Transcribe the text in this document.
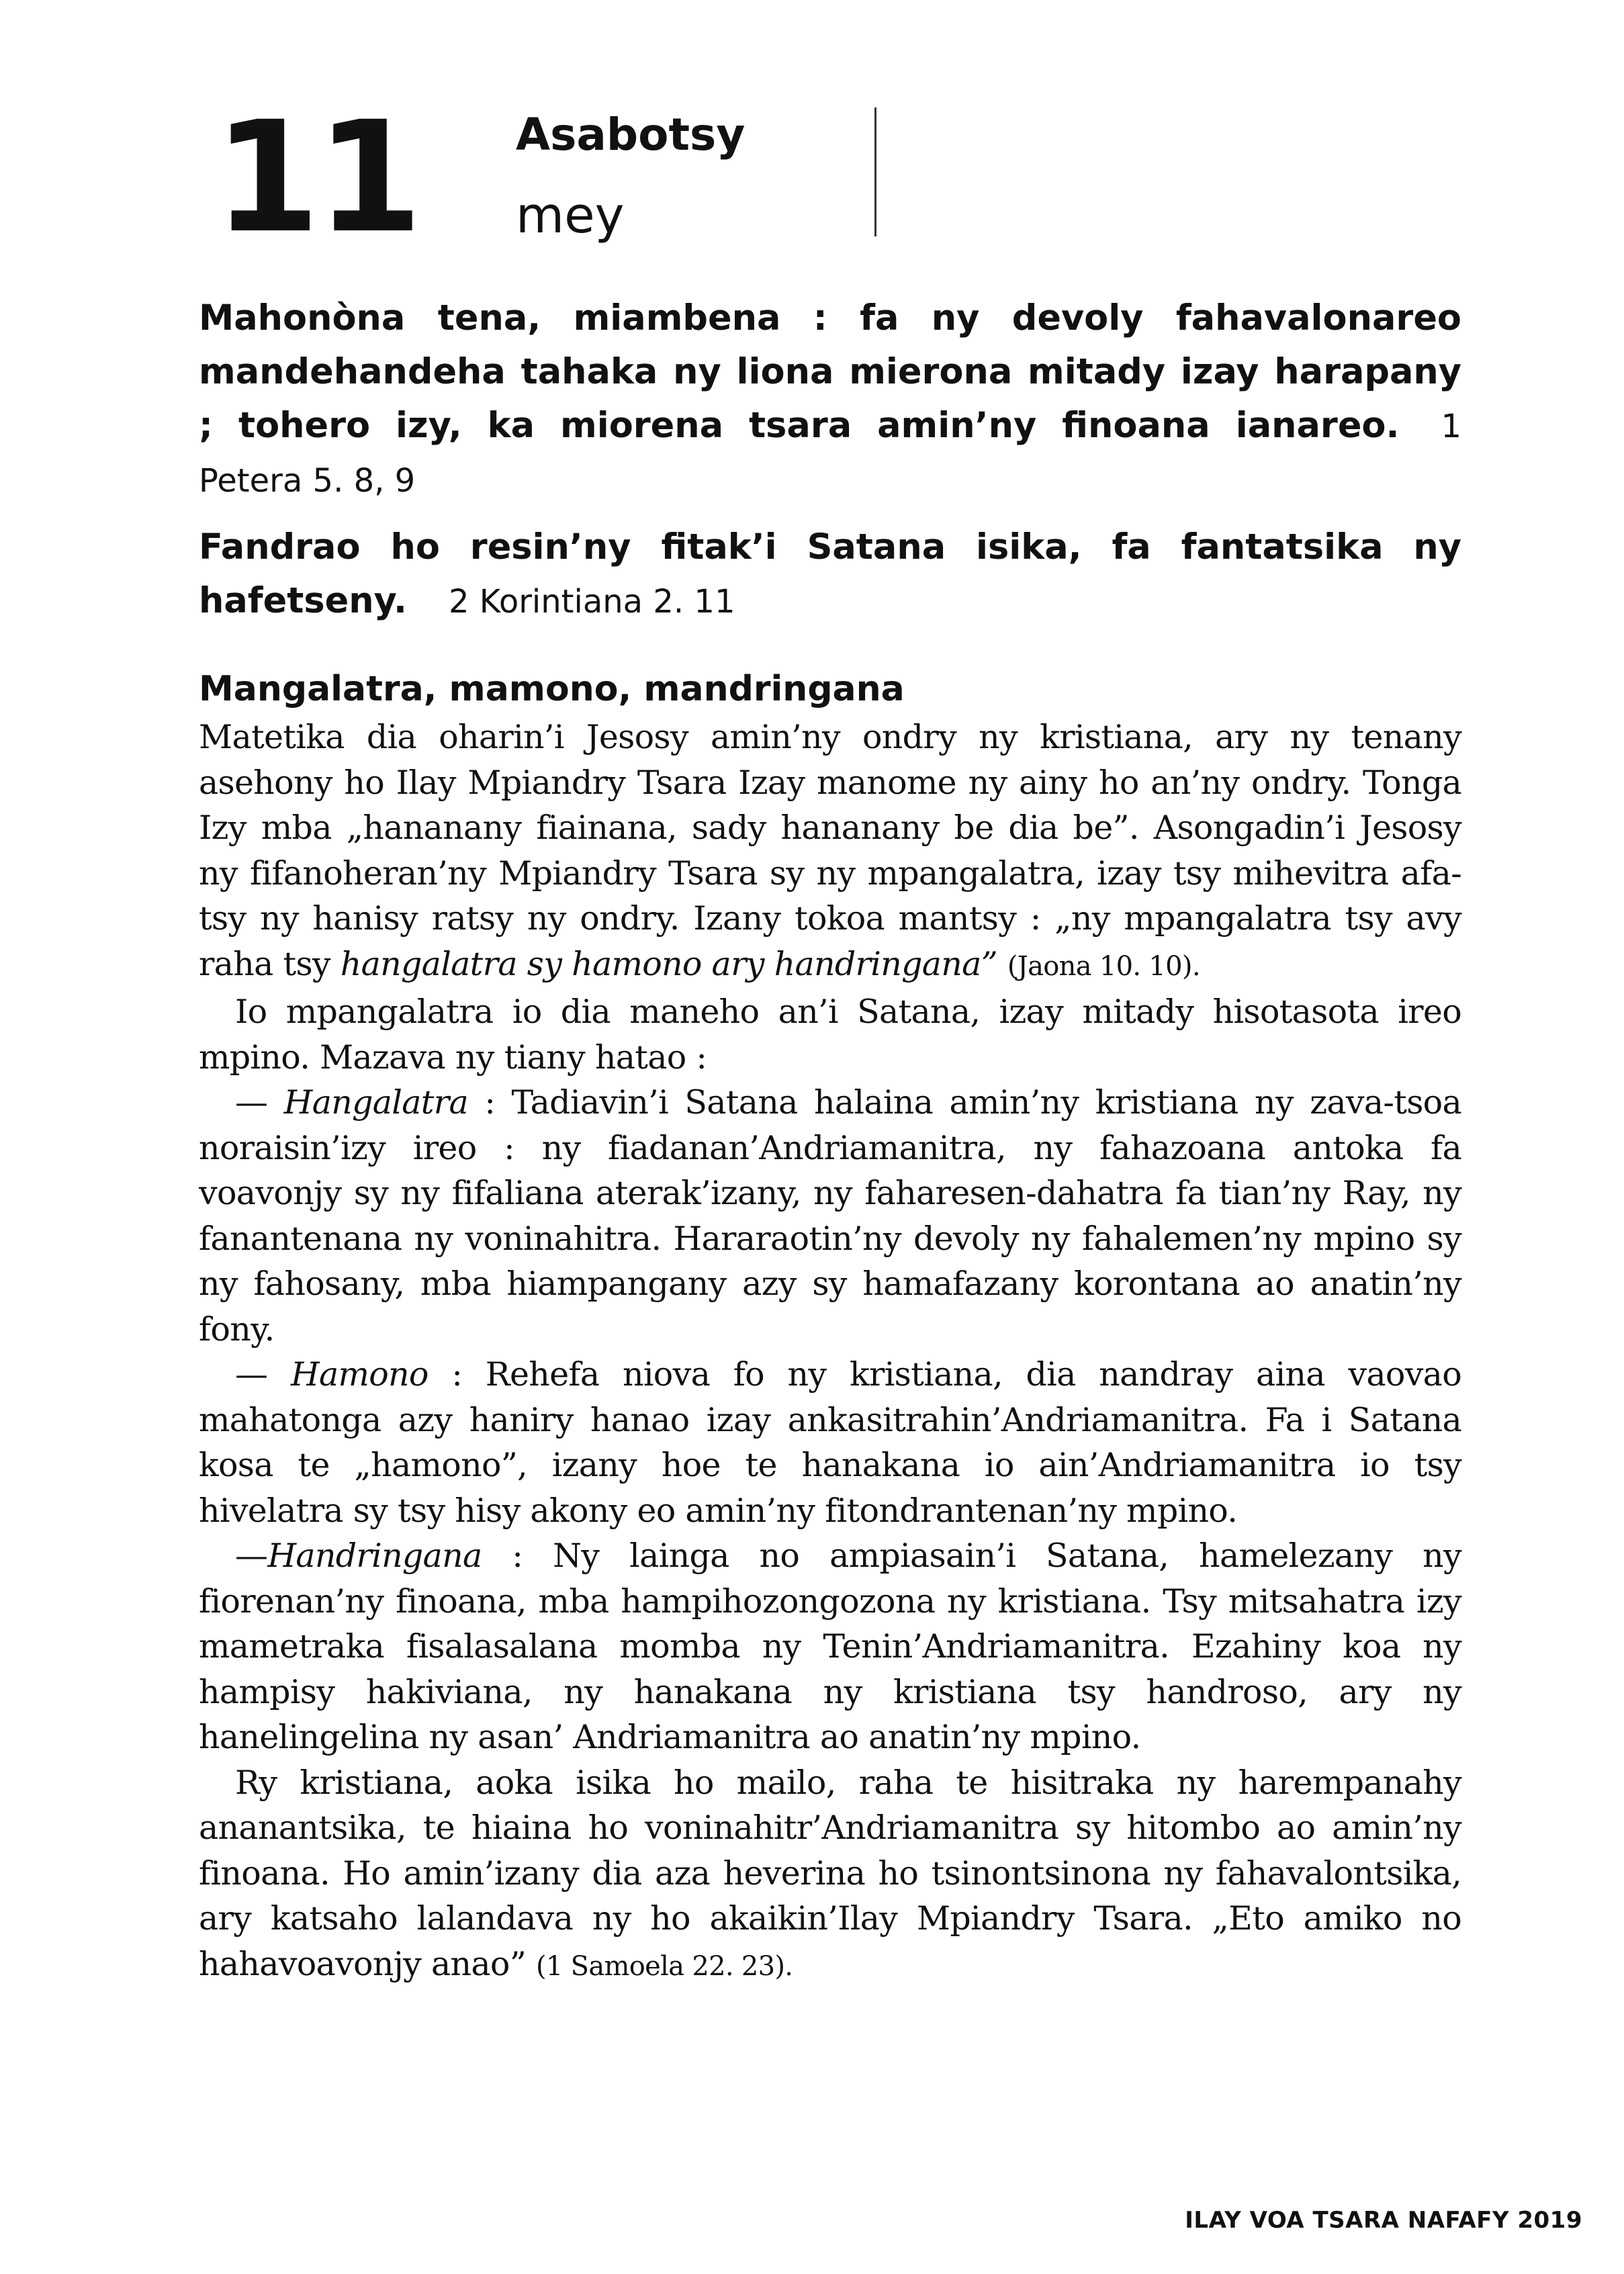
11 Asabotsy
mey
Mahonòna tena, miambena : fa ny devoly fahavalonareo mandehandeha tahaka ny liona mierona mitady izay harapany ; tohero izy, ka miorena tsara amin’ny finoana ianareo. 1 Petera 5. 8, 9
Fandrao ho resin’ny fitak’i Satana isika, fa fantatsika ny hafetseny. 2 Korintiana 2. 11
Mangalatra, mamono, mandringana

Matetika dia oharin’i Jesosy amin’ny ondry ny kristiana, ary ny tenany asehony ho Ilay Mpiandry Tsara Izay manome ny ainy ho an’ny ondry. Tonga Izy mba „hananany fiainana, sady hananany be dia be”. Asongadin’i Jesosy ny fifanoheran’ny Mpiandry Tsara sy ny mpangalatra, izay tsy mihevitra afa-tsy ny hanisy ratsy ny ondry. Izany tokoa mantsy : „ny mpangalatra tsy avy raha tsy hangalatra sy hamono ary handringana” (Jaona 10. 10).

Io mpangalatra io dia maneho an’i Satana, izay mitady hisotasota ireo mpino. Mazava ny tiany hatao :

— Hangalatra : Tadiavin’i Satana halaina amin’ny kristiana ny zava-tsoa noraisin’izy ireo : ny fiadanan’Andriamanitra, ny fahazoana antoka fa voavonjy sy ny fifaliana aterak’izany, ny faharesen-dahatra fa tian’ny Ray, ny fanantenana ny voninahitra. Hararaotin’ny devoly ny fahalemen’ny mpino sy ny fahosany, mba hiampangany azy sy hamafazany korontana ao anatin’ny fony.

— Hamono : Rehefa niova fo ny kristiana, dia nandray aina vaovao mahatonga azy haniry hanao izay ankasitrahin’Andriamanitra. Fa i Satana kosa te „hamono”, izany hoe te hanakana io ain’Andriamanitra io tsy hivelatra sy tsy hisy akony eo amin’ny fitondrantenan’ny mpino.

—Handringana : Ny lainga no ampiasain’i Satana, hamelezany ny fiorenan’ny finoana, mba hampihozongozona ny kristiana. Tsy mitsahatra izy mametraka fisalasalana momba ny Tenin’Andriamanitra. Ezahiny koa ny hampisy hakiviana, ny hanakana ny kristiana tsy handroso, ary ny hanelingelina ny asan’ Andriamanitra ao anatin’ny mpino.

Ry kristiana, aoka isika ho mailo, raha te hisitraka ny harempanahy ananantsika, te hiaina ho voninahitr’Andriamanitra sy hitombo ao amin’ny finoana. Ho amin’izany dia aza heverina ho tsinontsinona ny fahavalontsika, ary katsaho lalandava ny ho akaikin’Ilay Mpiandry Tsara. „Eto amiko no hahavoavonjy anao” (1 Samoela 22. 23).

ILAY VOA TSARA NAFAFY 2019
